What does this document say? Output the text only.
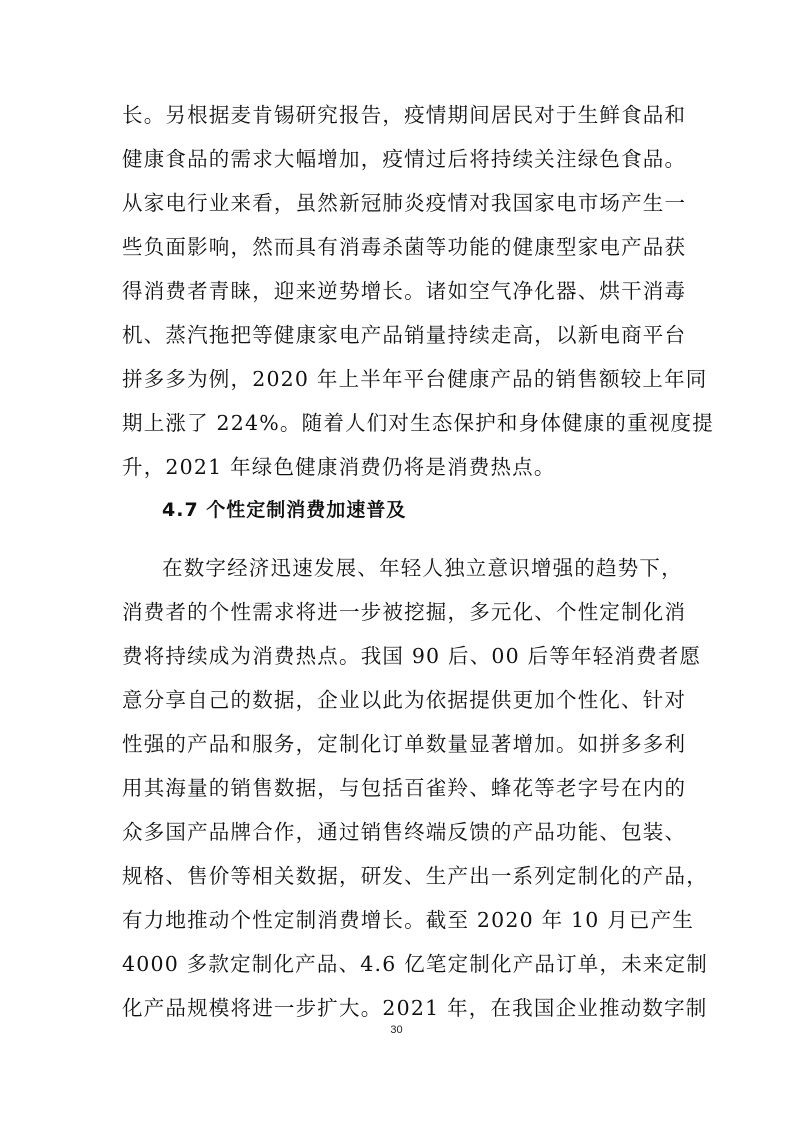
长。另根据麦肯锡研究报告，疫情期间居民对于生鲜食品和
健康食品的需求大幅增加，疫情过后将持续关注绿色食品。
从家电行业来看，虽然新冠肺炎疫情对我国家电市场产生一
些负面影响，然而具有消毒杀菌等功能的健康型家电产品获
得消费者青睐，迎来逆势增长。诸如空气净化器、烘干消毒
机、蒸汽拖把等健康家电产品销量持续走高，以新电商平台
拼多多为例，2020 年上半年平台健康产品的销售额较上年同
期上涨了 224%。随着人们对生态保护和身体健康的重视度提
升，2021 年绿色健康消费仍将是消费热点。
4.7 个性定制消费加速普及
在数字经济迅速发展、年轻人独立意识增强的趋势下，
消费者的个性需求将进一步被挖掘，多元化、个性定制化消
费将持续成为消费热点。我国 90 后、00 后等年轻消费者愿
意分享自己的数据，企业以此为依据提供更加个性化、针对
性强的产品和服务，定制化订单数量显著增加。如拼多多利
用其海量的销售数据，与包括百雀羚、蜂花等老字号在内的
众多国产品牌合作，通过销售终端反馈的产品功能、包装、
规格、售价等相关数据，研发、生产出一系列定制化的产品，
有力地推动个性定制消费增长。截至 2020 年 10 月已产生
4000 多款定制化产品、4.6 亿笔定制化产品订单，未来定制
化产品规模将进一步扩大。2021 年，在我国企业推动数字制
30
